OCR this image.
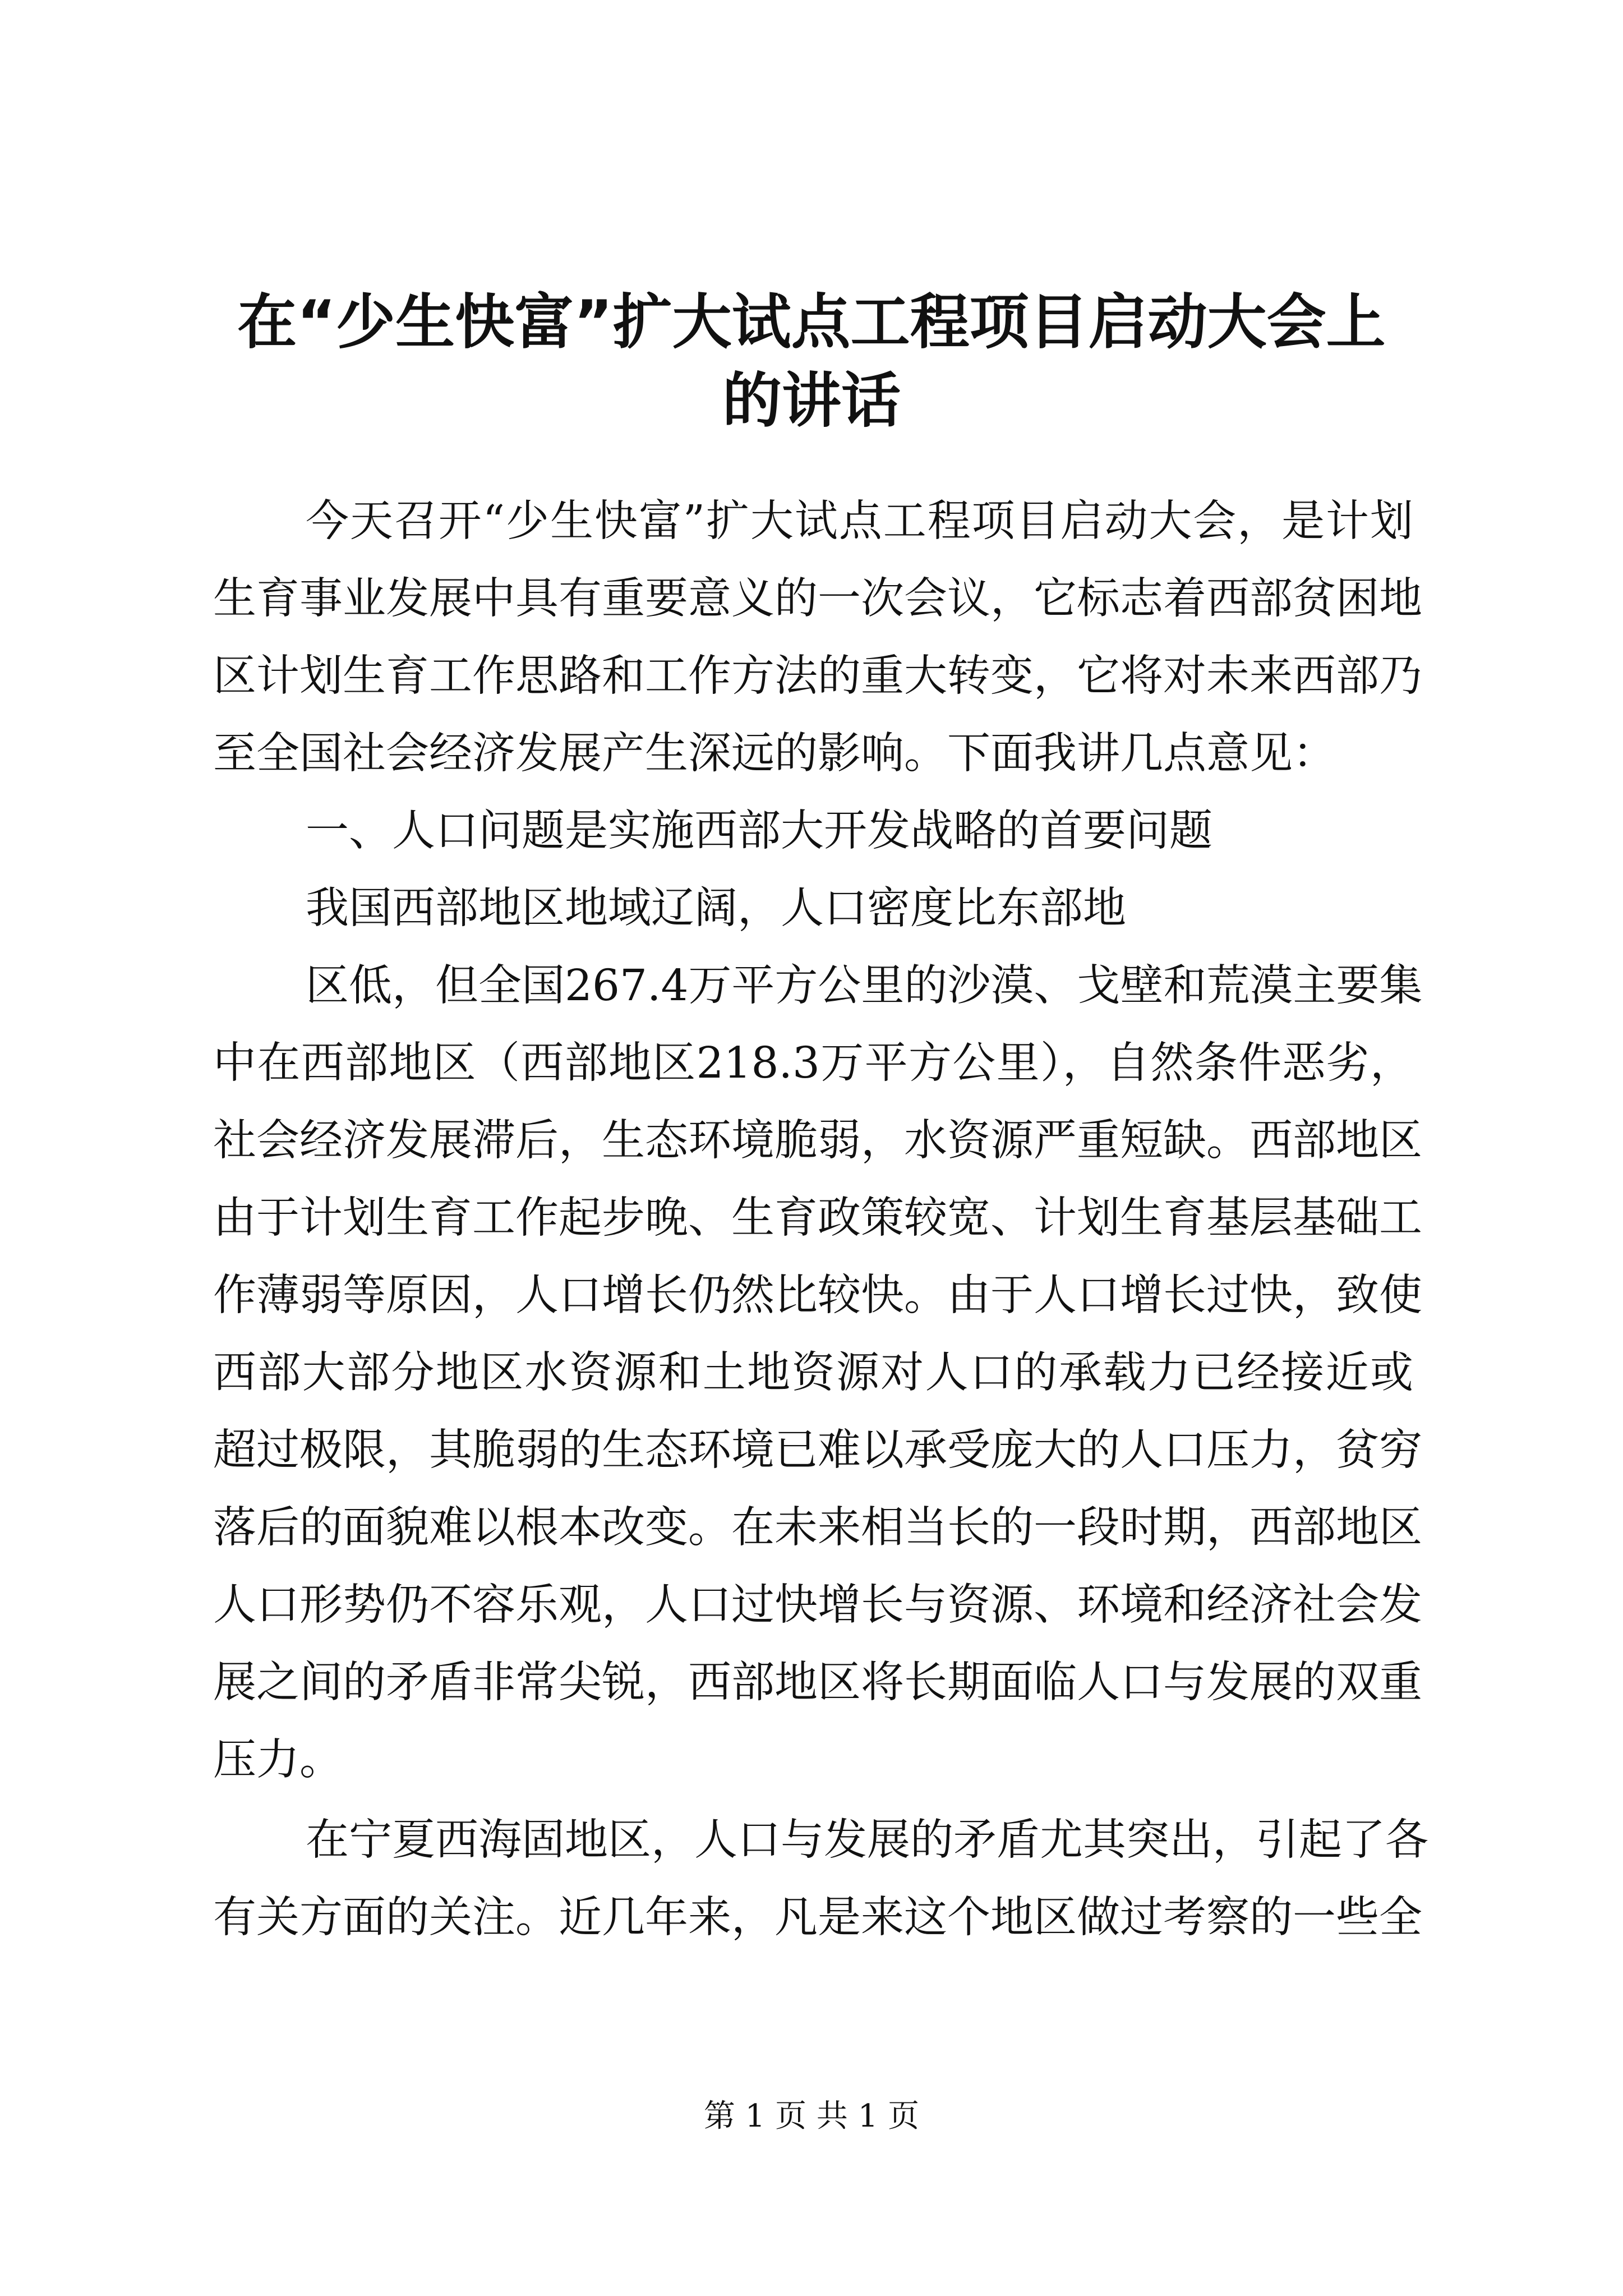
在“少生快富”扩大试点工程项目启动大会上
的讲话
今天召开“少生快富”扩大试点工程项目启动大会，是计划
生育事业发展中具有重要意义的一次会议，它标志着西部贫困地
区计划生育工作思路和工作方法的重大转变，它将对未来西部乃
至全国社会经济发展产生深远的影响。下面我讲几点意见：
一、人口问题是实施西部大开发战略的首要问题
我国西部地区地域辽阔，人口密度比东部地
区低，但全国267.4万平方公里的沙漠、戈壁和荒漠主要集
中在西部地区（西部地区218.3万平方公里），自然条件恶劣，
社会经济发展滞后，生态环境脆弱，水资源严重短缺。西部地区
由于计划生育工作起步晚、生育政策较宽、计划生育基层基础工
作薄弱等原因，人口增长仍然比较快。由于人口增长过快，致使
西部大部分地区水资源和土地资源对人口的承载力已经接近或
超过极限，其脆弱的生态环境已难以承受庞大的人口压力，贫穷
落后的面貌难以根本改变。在未来相当长的一段时期，西部地区
人口形势仍不容乐观，人口过快增长与资源、环境和经济社会发
展之间的矛盾非常尖锐，西部地区将长期面临人口与发展的双重
压力。
在宁夏西海固地区，人口与发展的矛盾尤其突出，引起了各
有关方面的关注。近几年来，凡是来这个地区做过考察的一些全
第 1 页 共 1 页
